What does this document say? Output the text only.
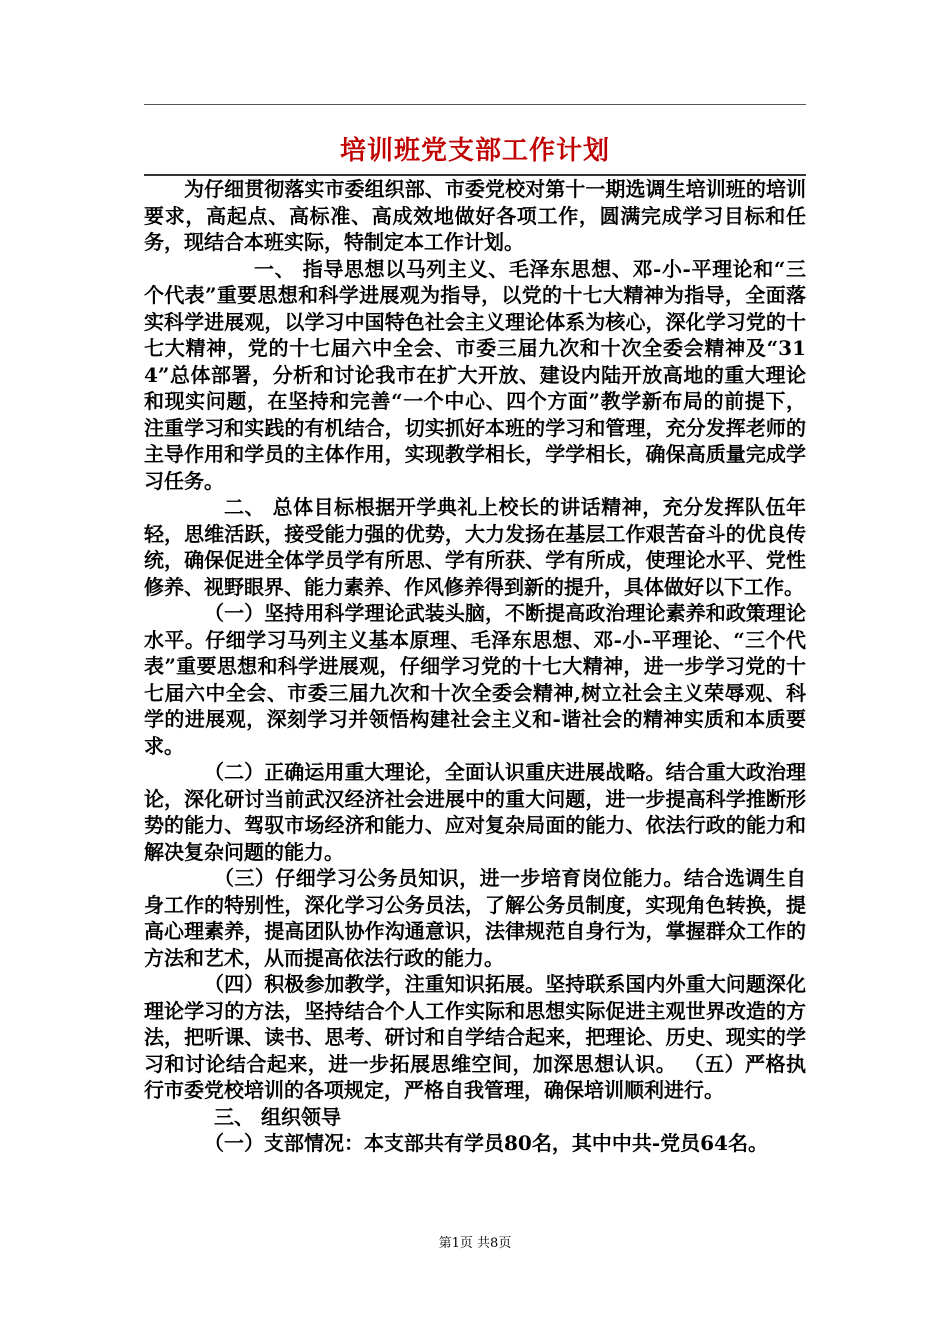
培训班党支部工作计划

为仔细贯彻落实市委组织部、市委党校对第十一期选调生培训班的培训要求，高起点、高标准、高成效地做好各项工作，圆满完成学习目标和任务，现结合本班实际，特制定本工作计划。

一、 指导思想以马列主义、毛泽东思想、邓-小-平理论和“三个代表”重要思想和科学进展观为指导，以党的十七大精神为指导，全面落实科学进展观，以学习中国特色社会主义理论体系为核心，深化学习党的十七大精神，党的十七届六中全会、市委三届九次和十次全委会精神及“314”总体部署，分析和讨论我市在扩大开放、建设内陆开放高地的重大理论和现实问题，在坚持和完善“一个中心、四个方面”教学新布局的前提下，注重学习和实践的有机结合，切实抓好本班的学习和管理，充分发挥老师的主导作用和学员的主体作用，实现教学相长，学学相长，确保高质量完成学习任务。

二、 总体目标根据开学典礼上校长的讲话精神，充分发挥队伍年轻，思维活跃，接受能力强的优势，大力发扬在基层工作艰苦奋斗的优良传统，确保促进全体学员学有所思、学有所获、学有所成，使理论水平、党性修养、视野眼界、能力素养、作风修养得到新的提升，具体做好以下工作。

（一）坚持用科学理论武装头脑，不断提高政治理论素养和政策理论水平。仔细学习马列主义基本原理、毛泽东思想、邓-小-平理论、“三个代表”重要思想和科学进展观，仔细学习党的十七大精神，进一步学习党的十七届六中全会、市委三届九次和十次全委会精神,树立社会主义荣辱观、科学的进展观，深刻学习并领悟构建社会主义和-谐社会的精神实质和本质要求。

（二）正确运用重大理论，全面认识重庆进展战略。结合重大政治理论，深化研讨当前武汉经济社会进展中的重大问题，进一步提高科学推断形势的能力、驾驭市场经济和能力、应对复杂局面的能力、依法行政的能力和解决复杂问题的能力。

（三）仔细学习公务员知识，进一步培育岗位能力。结合选调生自身工作的特别性，深化学习公务员法，了解公务员制度，实现角色转换，提高心理素养，提高团队协作沟通意识，法律规范自身行为，掌握群众工作的方法和艺术，从而提高依法行政的能力。

（四）积极参加教学，注重知识拓展。坚持联系国内外重大问题深化理论学习的方法，坚持结合个人工作实际和思想实际促进主观世界改造的方法，把听课、读书、思考、研讨和自学结合起来，把理论、历史、现实的学习和讨论结合起来，进一步拓展思维空间，加深思想认识。 （五）严格执行市委党校培训的各项规定，严格自我管理，确保培训顺利进行。

三、 组织领导

（一）支部情况：本支部共有学员80名，其中中共-党员64名。

第1页 共8页
